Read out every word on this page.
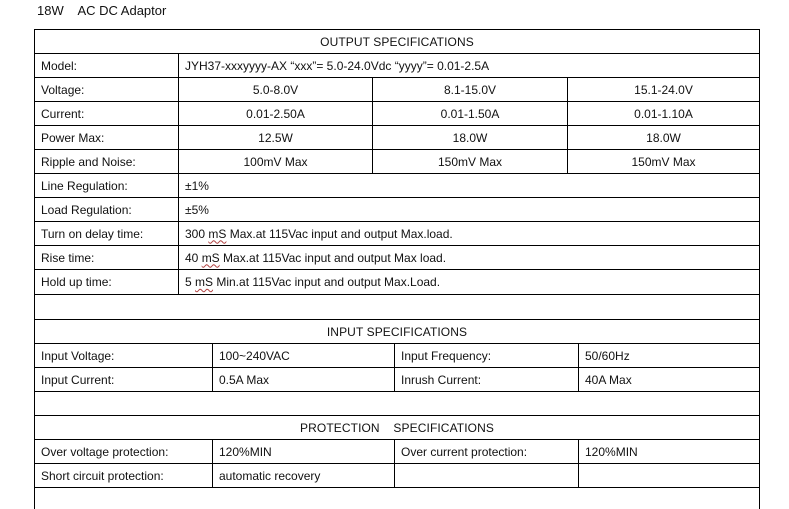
18W    AC DC Adaptor
OUTPUT SPECIFICATIONS
Model:	JYH37-xxxyyyy-AX “xxx”= 5.0-24.0Vdc “yyyy”= 0.01-2.5A
Voltage:	5.0-8.0V	8.1-15.0V	15.1-24.0V
Current:	0.01-2.50A	0.01-1.50A	0.01-1.10A
Power Max:	12.5W	18.0W	18.0W
Ripple and Noise:	100mV Max	150mV Max	150mV Max
Line Regulation:	±1%
Load Regulation:	±5%
Turn on delay time:	300 mS Max.at 115Vac input and output Max.load.
Rise time:	40 mS Max.at 115Vac input and output Max load.
Hold up time:	5 mS Min.at 115Vac input and output Max.Load.
INPUT SPECIFICATIONS
Input Voltage:	100~240VAC	Input Frequency:	50/60Hz
Input Current:	0.5A Max	Inrush Current:	40A Max
PROTECTION    SPECIFICATIONS
Over voltage protection:	120%MIN	Over current protection:	120%MIN
Short circuit protection:	automatic recovery
